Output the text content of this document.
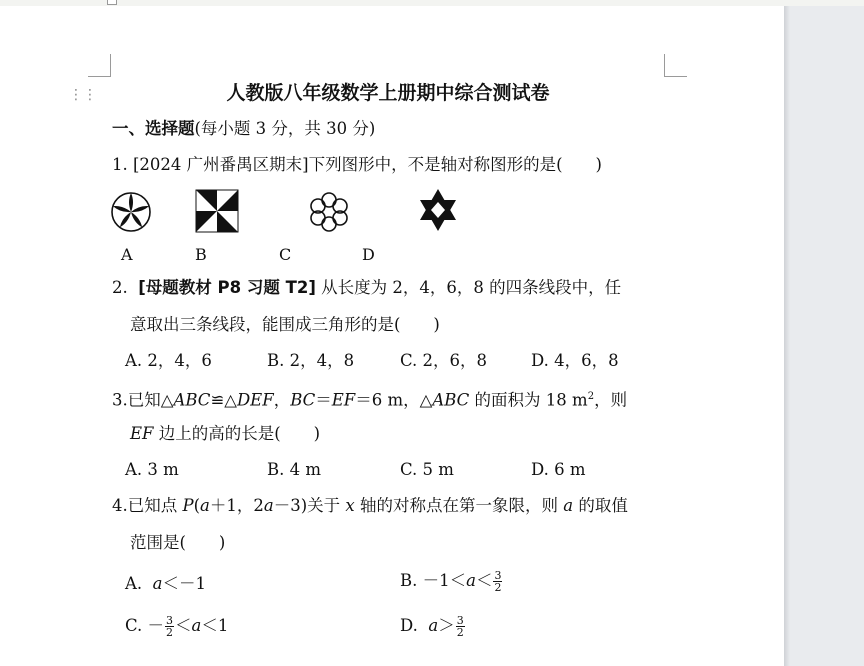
⋮⋮	人教版八年级数学上册期中综合测试卷
一、选择题(每小题 3 分，共 30 分)
1. [2024 广州番禺区期末]下列图形中，不是轴对称图形的是(　　)
A	B	C	D
2. [母题教材 P8 习题 T2] 从长度为 2，4，6，8 的四条线段中，任
意取出三条线段，能围成三角形的是(　　)
A. 2，4，6	B. 2，4，8	C. 2，6，8	D. 4，6，8
3.已知△ABC≌△DEF，BC＝EF＝6 m，△ABC 的面积为 18 $m^2$，则
EF 边上的高的长是(　　)
A. 3 m	B. 4 m	C. 5 m	D. 6 m
4.已知点 P(a＋1，2a－3)关于 x 轴的对称点在第一象限，则 a 的取值
范围是(　　)
A. a＜－1	B. $-1<a< \frac{3}{2}$
C. － $\frac{3}{2} <a<1$	D. $a> \frac{3}{2}$
